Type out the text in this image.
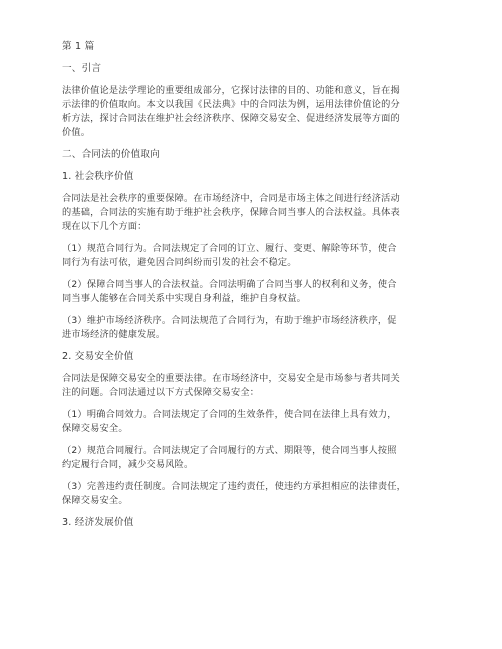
第 1 篇

一、引言

法律价值论是法学理论的重要组成部分，它探讨法律的目的、功能和意义，旨在揭

示法律的价值取向。本文以我国《民法典》中的合同法为例，运用法律价值论的分

析方法，探讨合同法在维护社会经济秩序、保障交易安全、促进经济发展等方面的

价值。

二、合同法的价值取向

1. 社会秩序价值

合同法是社会秩序的重要保障。在市场经济中，合同是市场主体之间进行经济活动

的基础，合同法的实施有助于维护社会秩序，保障合同当事人的合法权益。具体表

现在以下几个方面：

（1）规范合同行为。合同法规定了合同的订立、履行、变更、解除等环节，使合

同行为有法可依，避免因合同纠纷而引发的社会不稳定。

（2）保障合同当事人的合法权益。合同法明确了合同当事人的权利和义务，使合

同当事人能够在合同关系中实现自身利益，维护自身权益。

（3）维护市场经济秩序。合同法规范了合同行为，有助于维护市场经济秩序，促

进市场经济的健康发展。

2. 交易安全价值

合同法是保障交易安全的重要法律。在市场经济中，交易安全是市场参与者共同关

注的问题。合同法通过以下方式保障交易安全：

（1）明确合同效力。合同法规定了合同的生效条件，使合同在法律上具有效力，

保障交易安全。

（2）规范合同履行。合同法规定了合同履行的方式、期限等，使合同当事人按照

约定履行合同，减少交易风险。

（3）完善违约责任制度。合同法规定了违约责任，使违约方承担相应的法律责任，

保障交易安全。

3. 经济发展价值
